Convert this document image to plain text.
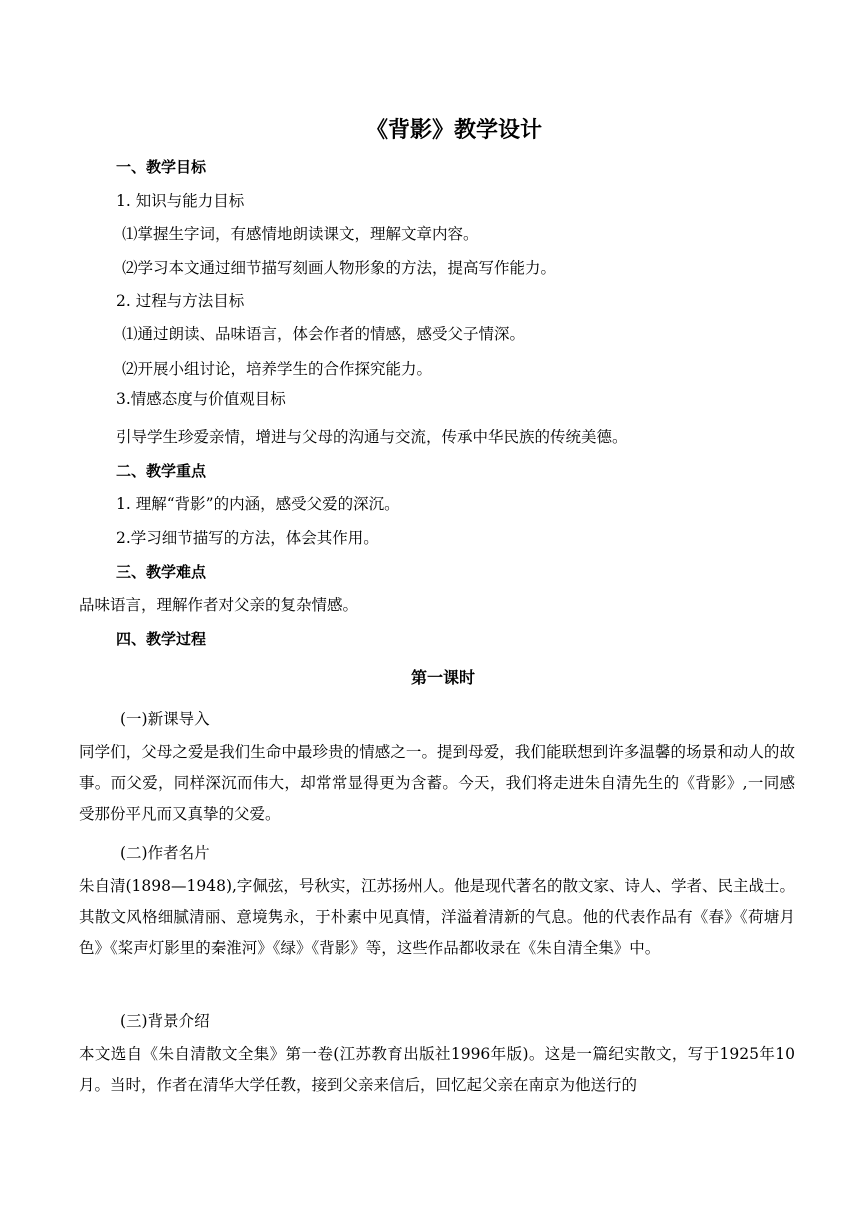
《背影》教学设计
一、教学目标
1. 知识与能力目标
⑴掌握生字词，有感情地朗读课文，理解文章内容。
⑵学习本文通过细节描写刻画人物形象的方法，提高写作能力。
2. 过程与方法目标
⑴通过朗读、品味语言，体会作者的情感，感受父子情深。
⑵开展小组讨论，培养学生的合作探究能力。
3.情感态度与价值观目标
引导学生珍爱亲情，增进与父母的沟通与交流，传承中华民族的传统美德。
二、教学重点
1. 理解“背影”的内涵，感受父爱的深沉。
2.学习细节描写的方法，体会其作用。
三、教学难点
品味语言，理解作者对父亲的复杂情感。
四、教学过程
第一课时
(一)新课导入
同学们，父母之爱是我们生命中最珍贵的情感之一。提到母爱，我们能联想到许多温馨的场景和动人的故事。而父爱，同样深沉而伟大，却常常显得更为含蓄。今天，我们将走进朱自清先生的《背影》,一同感受那份平凡而又真挚的父爱。
(二)作者名片
朱自清(1898—1948),字佩弦，号秋实，江苏扬州人。他是现代著名的散文家、诗人、学者、民主战士。其散文风格细腻清丽、意境隽永，于朴素中见真情，洋溢着清新的气息。他的代表作品有《春》《荷塘月色》《桨声灯影里的秦淮河》《绿》《背影》等，这些作品都收录在《朱自清全集》中。
(三)背景介绍
本文选自《朱自清散文全集》第一卷(江苏教育出版社1996年版)。这是一篇纪实散文，写于1925年10月。当时，作者在清华大学任教，接到父亲来信后，回忆起父亲在南京为他送行的
